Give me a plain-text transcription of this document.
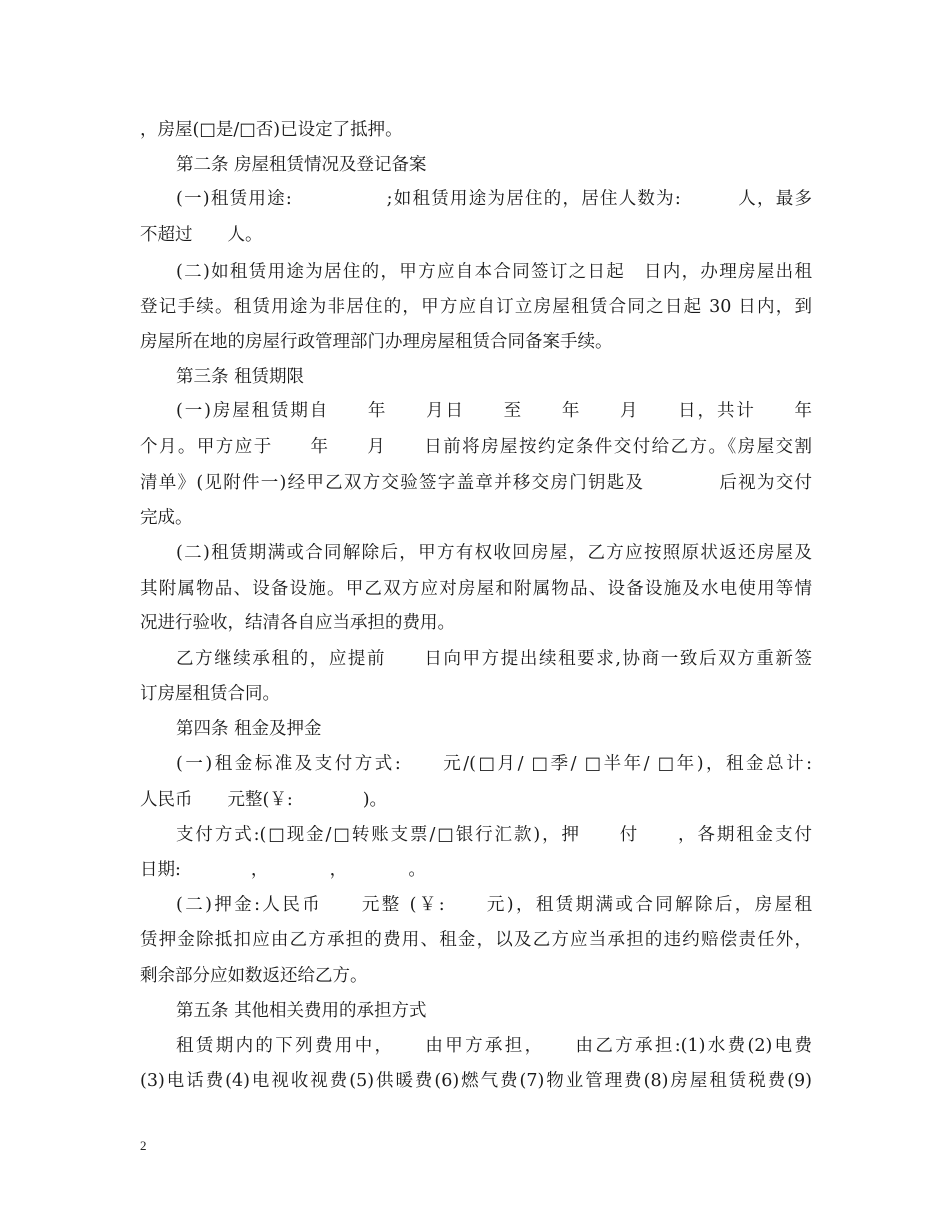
，房屋(□是/□否)已设定了抵押。
第二条 房屋租赁情况及登记备案
(一)租赁用途:　　　　　;如租赁用途为居住的，居住人数为:　　　人，最多
不超过　　人。
(二)如租赁用途为居住的，甲方应自本合同签订之日起　日内，办理房屋出租
登记手续。租赁用途为非居住的，甲方应自订立房屋租赁合同之日起 30 日内，到
房屋所在地的房屋行政管理部门办理房屋租赁合同备案手续。
第三条 租赁期限
(一)房屋租赁期自　　年　　月日　　至　　年　　月　　日，共计　　年
个月。甲方应于　　年　　月　　日前将房屋按约定条件交付给乙方。《房屋交割
清单》(见附件一)经甲乙双方交验签字盖章并移交房门钥匙及　　　　后视为交付
完成。
(二)租赁期满或合同解除后，甲方有权收回房屋，乙方应按照原状返还房屋及
其附属物品、设备设施。甲乙双方应对房屋和附属物品、设备设施及水电使用等情
况进行验收，结清各自应当承担的费用。
乙方继续承租的，应提前　　日向甲方提出续租要求,协商一致后双方重新签
订房屋租赁合同。
第四条 租金及押金
(一)租金标准及支付方式:　　元/(□月/ □季/ □半年/ □年)，租金总计:
人民币　　元整(￥:　　　　)。
支付方式:(□现金/□转账支票/□银行汇款)，押　　付　　，各期租金支付
日期:　　　　，　　　　，　　　　。
(二)押金:人民币　　元整 (￥:　　元)，租赁期满或合同解除后，房屋租
赁押金除抵扣应由乙方承担的费用、租金，以及乙方应当承担的违约赔偿责任外，
剩余部分应如数返还给乙方。
第五条 其他相关费用的承担方式
租赁期内的下列费用中，　　由甲方承担，　　由乙方承担:(1)水费(2)电费
(3)电话费(4)电视收视费(5)供暖费(6)燃气费(7)物业管理费(8)房屋租赁税费(9)
2
